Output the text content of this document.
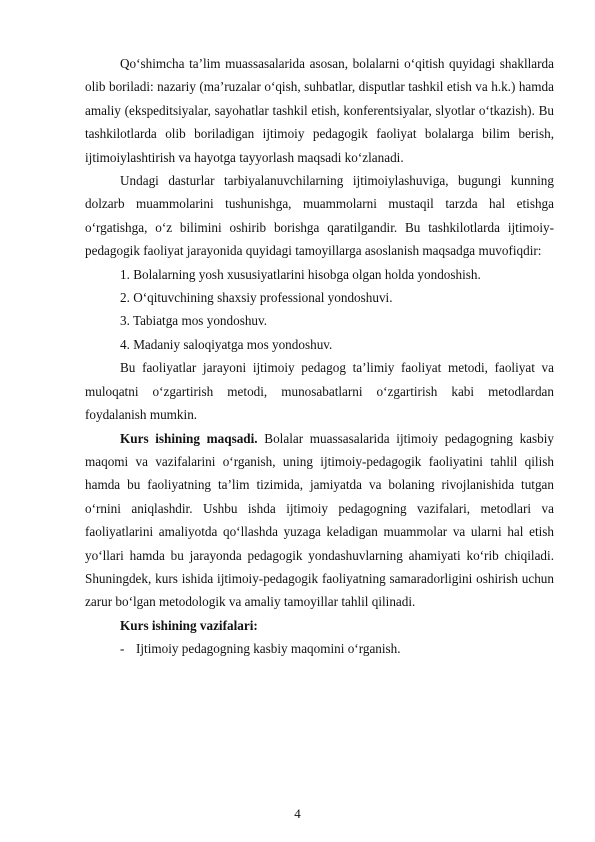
Qo‘shimcha ta’lim muassasalarida asosan, bolalarni o‘qitish quyidagi shakllarda olib boriladi: nazariy (ma’ruzalar o‘qish, suhbatlar, disputlar tashkil etish va h.k.) hamda amaliy (ekspeditsiyalar, sayohatlar tashkil etish, konferentsiyalar, slyotlar o‘tkazish). Bu tashkilotlarda olib boriladigan ijtimoiy pedagogik faoliyat bolalarga bilim berish, ijtimoiylashtirish va hayotga tayyorlash maqsadi ko‘zlanadi.

Undagi dasturlar tarbiyalanuvchilarning ijtimoiylashuviga, bugungi kunning dolzarb muammolarini tushunishga, muammolarni mustaqil tarzda hal etishga o‘rgatishga, o‘z bilimini oshirib borishga qaratilgandir. Bu tashkilotlarda ijtimoiy-pedagogik faoliyat jarayonida quyidagi tamoyillarga asoslanish maqsadga muvofiqdir:

1. Bolalarning yosh xususiyatlarini hisobga olgan holda yondoshish.

2. O‘qituvchining shaxsiy professional yondoshuvi.

3. Tabiatga mos yondoshuv.

4. Madaniy saloqiyatga mos yondoshuv.

Bu faoliyatlar jarayoni ijtimoiy pedagog ta’limiy faoliyat metodi, faoliyat va muloqatni o‘zgartirish metodi, munosabatlarni o‘zgartirish kabi metodlardan foydalanish mumkin.

Kurs ishining maqsadi. Bolalar muassasalarida ijtimoiy pedagogning kasbiy maqomi va vazifalarini o‘rganish, uning ijtimoiy-pedagogik faoliyatini tahlil qilish hamda bu faoliyatning ta’lim tizimida, jamiyatda va bolaning rivojlanishida tutgan o‘rnini aniqlashdir. Ushbu ishda ijtimoiy pedagogning vazifalari, metodlari va faoliyatlarini amaliyotda qo‘llashda yuzaga keladigan muammolar va ularni hal etish yo‘llari hamda bu jarayonda pedagogik yondashuvlarning ahamiyati ko‘rib chiqiladi. Shuningdek, kurs ishida ijtimoiy-pedagogik faoliyatning samaradorligini oshirish uchun zarur bo‘lgan metodologik va amaliy tamoyillar tahlil qilinadi.

Kurs ishining vazifalari:

- Ijtimoiy pedagogning kasbiy maqomini o‘rganish.

4
